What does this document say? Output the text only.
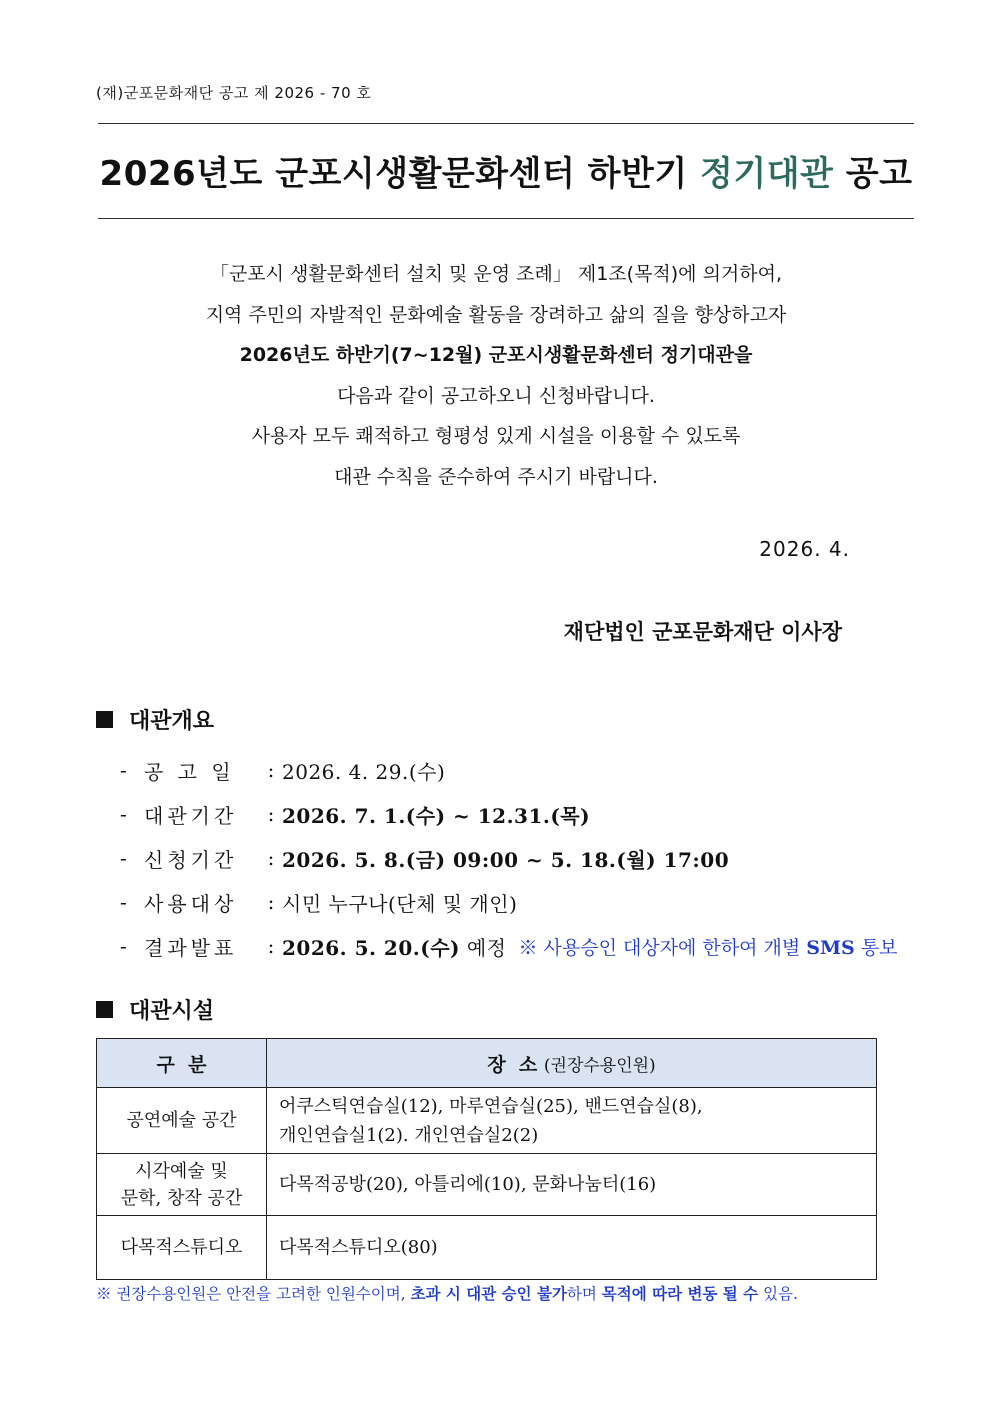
(재)군포문화재단 공고 제 2026 - 70 호
2026년도 군포시생활문화센터 하반기 정기대관 공고
「군포시 생활문화센터 설치 및 운영 조례」 제1조(목적)에 의거하여,
지역 주민의 자발적인 문화예술 활동을 장려하고 삶의 질을 향상하고자
2026년도 하반기(7~12월) 군포시생활문화센터 정기대관을
다음과 같이 공고하오니 신청바랍니다.
사용자 모두 쾌적하고 형평성 있게 시설을 이용할 수 있도록
대관 수칙을 준수하여 주시기 바랍니다.
2026. 4.
재단법인 군포문화재단 이사장
대관개요
- 공 고 일	: 2026. 4. 29.(수)
- 대관기간	: 2026. 7. 1.(수) ~ 12.31.(목)
- 신청기간	: 2026. 5. 8.(금) 09:00 ~ 5. 18.(월) 17:00
- 사용대상	: 시민 누구나(단체 및 개인)
- 결과발표	: 2026. 5. 20.(수) 예정 ※ 사용승인 대상자에 한하여 개별 SMS 통보
대관시설
구  분	장  소 (권장수용인원)
공연예술 공간	어쿠스틱연습실(12), 마루연습실(25), 밴드연습실(8),
개인연습실1(2). 개인연습실2(2)

시각예술 및
문학, 창작 공간	다목적공방(20), 아틀리에(10), 문화나눔터(16)

다목적스튜디오	다목적스튜디오(80)
※ 권장수용인원은 안전을 고려한 인원수이며, 초과 시 대관 승인 불가하며 목적에 따라 변동 될 수 있음.
